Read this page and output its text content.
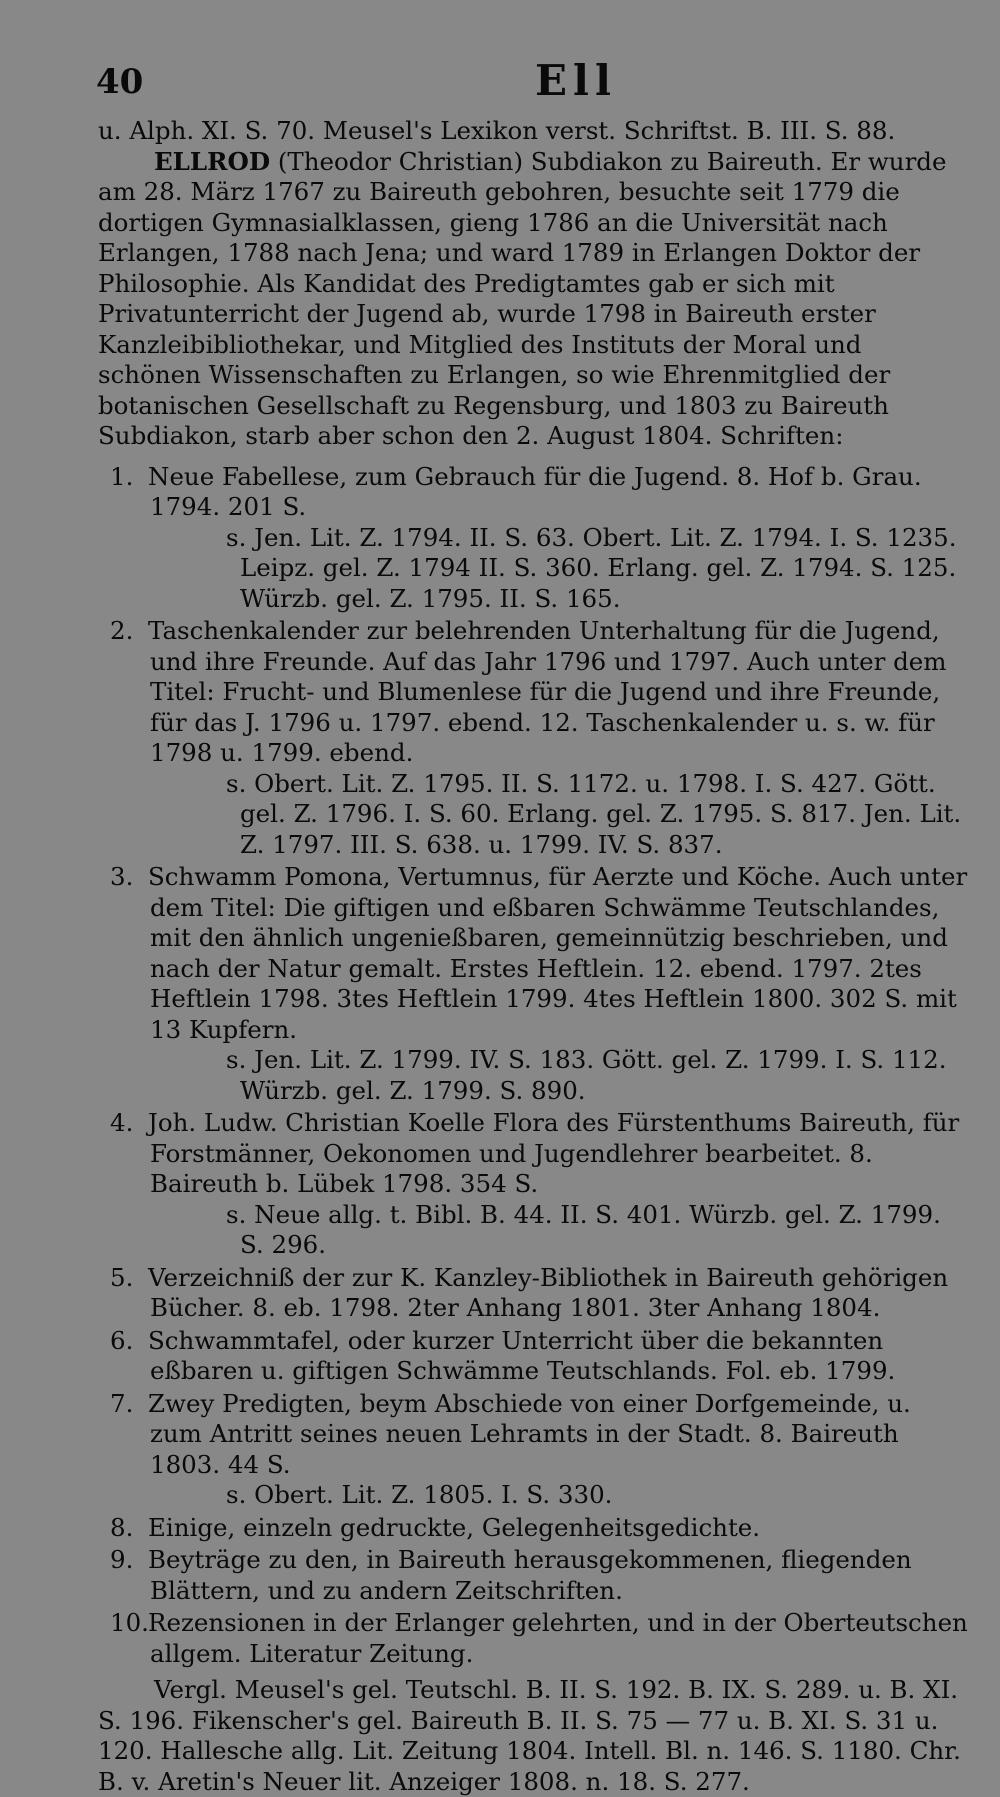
40	Ell

u. Alph. XI. S. 70. Meusel's Lexikon verst. Schriftst. B. III. S. 88.

ELLROD (Theodor Christian) Subdiakon zu Baireuth. Er wurde am 28. März 1767 zu Baireuth gebohren, besuchte seit 1779 die dortigen Gymnasialklassen, gieng 1786 an die Universität nach Erlangen, 1788 nach Jena; und ward 1789 in Erlangen Doktor der Philosophie. Als Kandidat des Predigtamtes gab er sich mit Privatunterricht der Jugend ab, wurde 1798 in Baireuth erster Kanzleibibliothekar, und Mitglied des Instituts der Moral und schönen Wissenschaften zu Erlangen, so wie Ehrenmitglied der botanischen Gesellschaft zu Regensburg, und 1803 zu Baireuth Subdiakon, starb aber schon den 2. August 1804. Schriften:

1. Neue Fabellese, zum Gebrauch für die Jugend. 8. Hof b. Grau. 1794. 201 S.

s. Jen. Lit. Z. 1794. II. S. 63. Obert. Lit. Z. 1794. I. S. 1235. Leipz. gel. Z. 1794 II. S. 360. Erlang. gel. Z. 1794. S. 125. Würzb. gel. Z. 1795. II. S. 165.

2. Taschenkalender zur belehrenden Unterhaltung für die Jugend, und ihre Freunde. Auf das Jahr 1796 und 1797. Auch unter dem Titel: Frucht- und Blumenlese für die Jugend und ihre Freunde, für das J. 1796 u. 1797. ebend. 12. Taschenkalender u. s. w. für 1798 u. 1799. ebend.

s. Obert. Lit. Z. 1795. II. S. 1172. u. 1798. I. S. 427. Gött. gel. Z. 1796. I. S. 60. Erlang. gel. Z. 1795. S. 817. Jen. Lit. Z. 1797. III. S. 638. u. 1799. IV. S. 837.

3. Schwamm Pomona, Vertumnus, für Aerzte und Köche. Auch unter dem Titel: Die giftigen und eßbaren Schwämme Teutschlandes, mit den ähnlich ungenießbaren, gemeinnützig beschrieben, und nach der Natur gemalt. Erstes Heftlein. 12. ebend. 1797. 2tes Heftlein 1798. 3tes Heftlein 1799. 4tes Heftlein 1800. 302 S. mit 13 Kupfern.

s. Jen. Lit. Z. 1799. IV. S. 183. Gött. gel. Z. 1799. I. S. 112. Würzb. gel. Z. 1799. S. 890.

4. Joh. Ludw. Christian Koelle Flora des Fürstenthums Baireuth, für Forstmänner, Oekonomen und Jugendlehrer bearbeitet. 8. Baireuth b. Lübek 1798. 354 S.

s. Neue allg. t. Bibl. B. 44. II. S. 401. Würzb. gel. Z. 1799. S. 296.

5. Verzeichniß der zur K. Kanzley-Bibliothek in Baireuth gehörigen Bücher. 8. eb. 1798. 2ter Anhang 1801. 3ter Anhang 1804.
6. Schwammtafel, oder kurzer Unterricht über die bekannten eßbaren u. giftigen Schwämme Teutschlands. Fol. eb. 1799.
7. Zwey Predigten, beym Abschiede von einer Dorfgemeinde, u. zum Antritt seines neuen Lehramts in der Stadt. 8. Baireuth 1803. 44 S.

s. Obert. Lit. Z. 1805. I. S. 330.

8. Einige, einzeln gedruckte, Gelegenheitsgedichte.
9. Beyträge zu den, in Baireuth herausgekommenen, fliegenden Blättern, und zu andern Zeitschriften.
10.Rezensionen in der Erlanger gelehrten, und in der Oberteutschen allgem. Literatur Zeitung.

Vergl. Meusel's gel. Teutschl. B. II. S. 192. B. IX. S. 289. u. B. XI. S. 196. Fikenscher's gel. Baireuth B. II. S. 75 — 77 u. B. XI. S. 31 u. 120. Hallesche allg. Lit. Zeitung 1804. Intell. Bl. n. 146. S. 1180. Chr. B. v. Aretin's Neuer lit. Anzeiger 1808. n. 18. S. 277.
